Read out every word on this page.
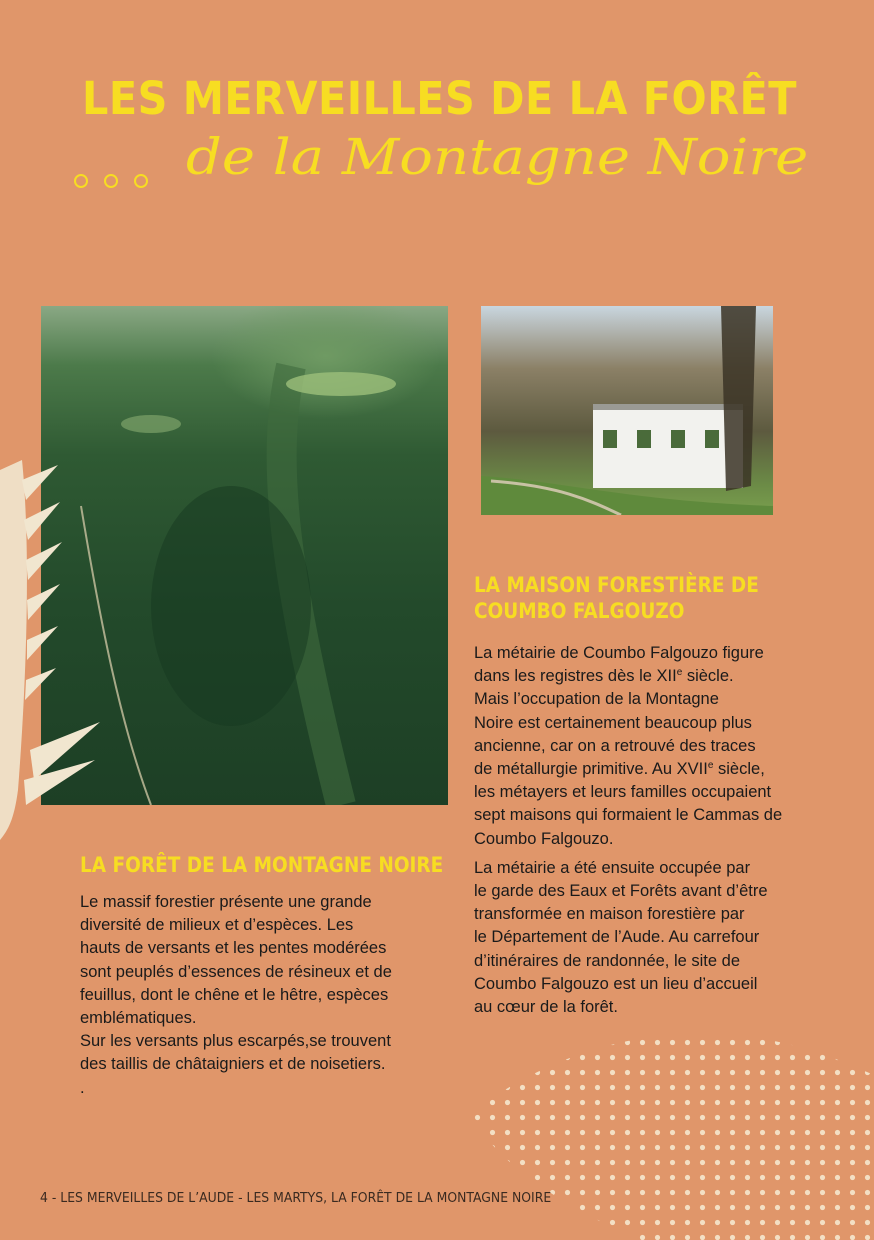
LES MERVEILLES DE LA FORÊT
de la Montagne Noire
LA MAISON FORESTIÈRE DE
COUMBO FALGOUZO

La métairie de Coumbo Falgouzo figure
dans les registres dès le XIIe siècle.
Mais l’occupation de la Montagne
Noire est certainement beaucoup plus
ancienne, car on a retrouvé des traces
de métallurgie primitive. Au XVIIe siècle,
les métayers et leurs familles occupaient
sept maisons qui formaient le Cammas de
Coumbo Falgouzo.

La métairie a été ensuite occupée par
le garde des Eaux et Forêts avant d’être
transformée en maison forestière par
le Département de l’Aude. Au carrefour
d’itinéraires de randonnée, le site de
Coumbo Falgouzo est un lieu d’accueil
au cœur de la forêt.

LA FORÊT DE LA MONTAGNE NOIRE

Le massif forestier présente une grande
diversité de milieux et d’espèces. Les
hauts de versants et les pentes modérées
sont peuplés d’essences de résineux et de
feuillus, dont le chêne et le hêtre, espèces
emblématiques.
Sur les versants plus escarpés,se trouvent
des taillis de châtaigniers et de noisetiers.
.

4 - LES MERVEILLES DE L’AUDE - LES MARTYS, LA FORÊT DE LA MONTAGNE NOIRE
